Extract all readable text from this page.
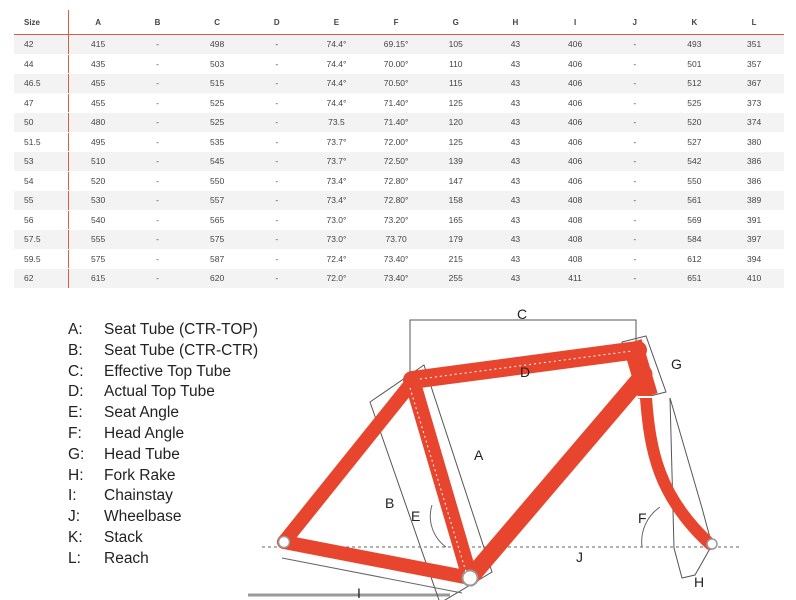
Size	A	B	C	D	E	F	G	H	I	J	K	L
42	415	-	498	-	74.4°	69.15°	105	43	406	-	493	351
44	435	-	503	-	74.4°	70.00°	110	43	406	-	501	357
46.5	455	-	515	-	74.4°	70.50°	115	43	406	-	512	367
47	455	-	525	-	74.4°	71.40°	125	43	406	-	525	373
50	480	-	525	-	73.5	71.40°	120	43	406	-	520	374
51.5	495	-	535	-	73.7°	72.00°	125	43	406	-	527	380
53	510	-	545	-	73.7°	72.50°	139	43	406	-	542	386
54	520	-	550	-	73.4°	72.80°	147	43	406	-	550	386
55	530	-	557	-	73.4°	72.80°	158	43	408	-	561	389
56	540	-	565	-	73.0°	73.20°	165	43	408	-	569	391
57.5	555	-	575	-	73.0°	73.70	179	43	408	-	584	397
59.5	575	-	587	-	72.4°	73.40°	215	43	408	-	612	394
62	615	-	620	-	72.0°	73.40°	255	43	411	-	651	410
A: Seat Tube (CTR-TOP)
B: Seat Tube (CTR-CTR)
C: Effective Top Tube
D: Actual Top Tube
E: Seat Angle
F: Head Angle
G: Head Tube
H: Fork Rake
I: Chainstay
J: Wheelbase
K: Stack
L: Reach
C
D	G
A
B
E	F
J
H
I
